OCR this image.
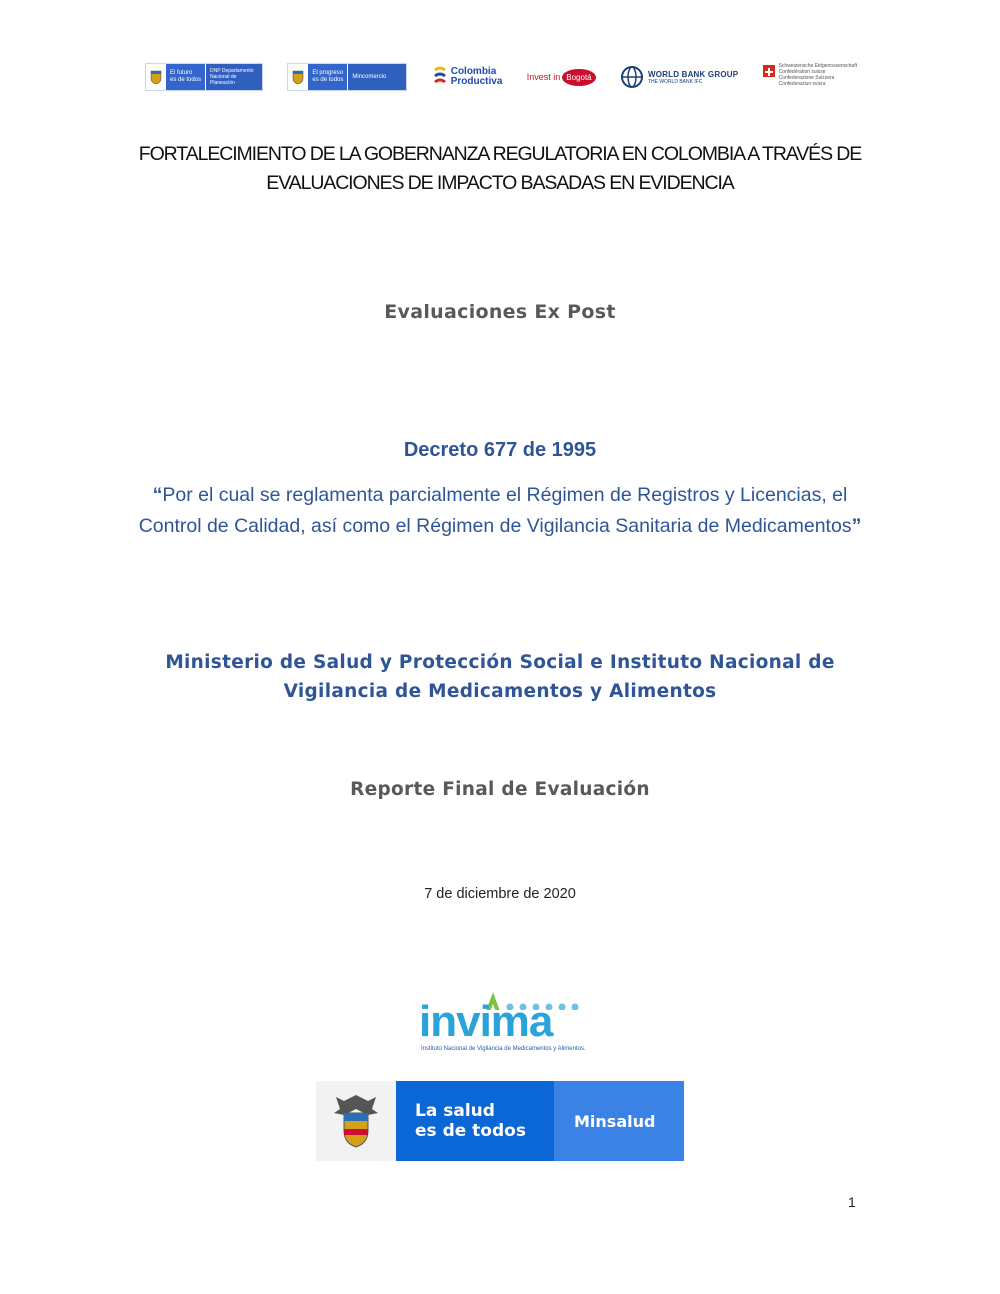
El futuro
es de todos
DNP Departamento Nacional de Planeación
El progreso
es de todos	Mincomercio	Colombia
Productiva	Invest in Bogotá	WORLD BANK GROUP
THE WORLD BANK IFC
Schweizerische Eidgenossenschaft
Confédération suisse
Confederazione Svizzera
Confederaziun svizra
FORTALECIMIENTO DE LA GOBERNANZA REGULATORIA EN COLOMBIA A TRAVÉS DE
EVALUACIONES DE IMPACTO BASADAS EN EVIDENCIA

Evaluaciones Ex Post

Decreto 677 de 1995

“Por el cual se reglamenta parcialmente el Régimen de Registros y Licencias, el Control de Calidad, así como el Régimen de Vigilancia Sanitaria de Medicamentos”

Ministerio de Salud y Protección Social e Instituto Nacional de Vigilancia de Medicamentos y Alimentos

Reporte Final de Evaluación

7 de diciembre de 2020

invima
Instituto Nacional de Vigilancia de Medicamentos y Alimentos.
La salud
es de todos	Minsalud
1
